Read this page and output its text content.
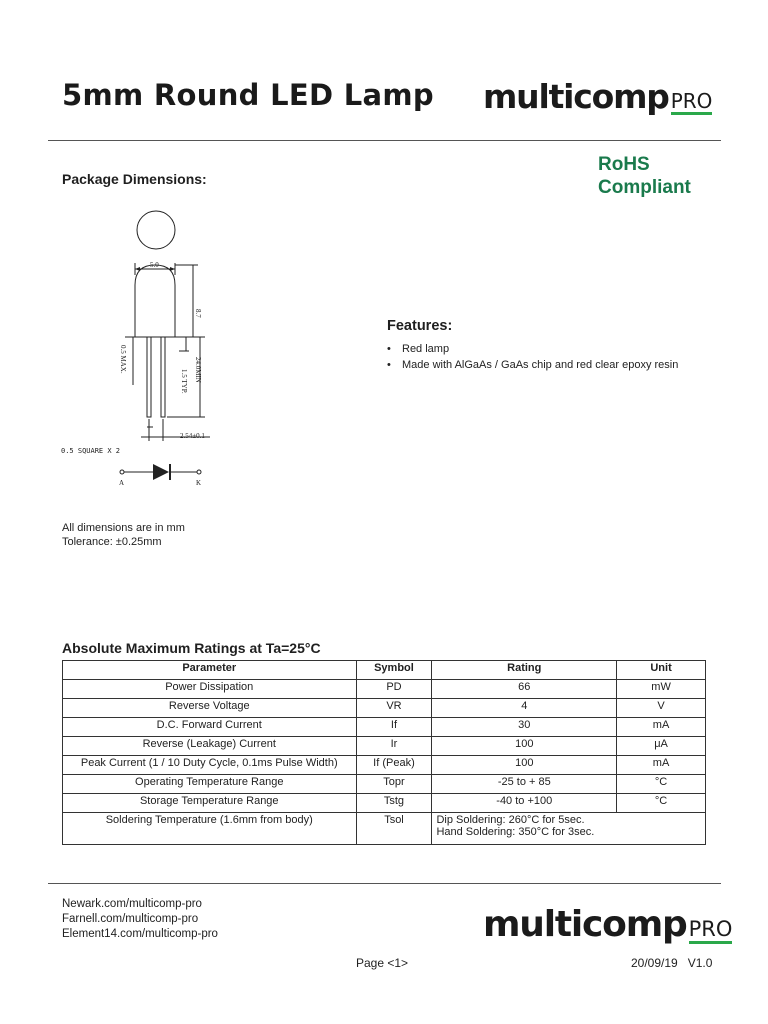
5mm Round LED Lamp multicomp PRO
Package Dimensions:
RoHS
Compliant
5.0
8.7
0.5 MAX.	24.0MIN
1.5 TYP.
2.54±0.1
0.5 SQUARE X 2
A	K
All dimensions are in mm
Tolerance: ±0.25mm
Features:
• Red lamp
• Made with AlGaAs / GaAs chip and red clear epoxy resin
Absolute Maximum Ratings at Ta=25°C
Parameter	Symbol	Rating	Unit
Power Dissipation	PD	66	mW
Reverse Voltage	VR	4	V
D.C. Forward Current	If	30	mA
Reverse (Leakage) Current	Ir	100	μA
Peak Current (1 / 10 Duty Cycle, 0.1ms Pulse Width)	If (Peak)	100	mA
Operating Temperature Range	Topr	-25 to + 85	°C
Storage Temperature Range	Tstg	-40 to +100	°C
Soldering Temperature (1.6mm from body)	Tsol	Dip Soldering: 260°C for 5sec.
Hand Soldering: 350°C for 3sec.	
Newark.com/multicomp-pro
Farnell.com/multicomp-pro
Element14.com/multicomp-pro	multicomp PRO
Page <1>	20/09/19 V1.0
